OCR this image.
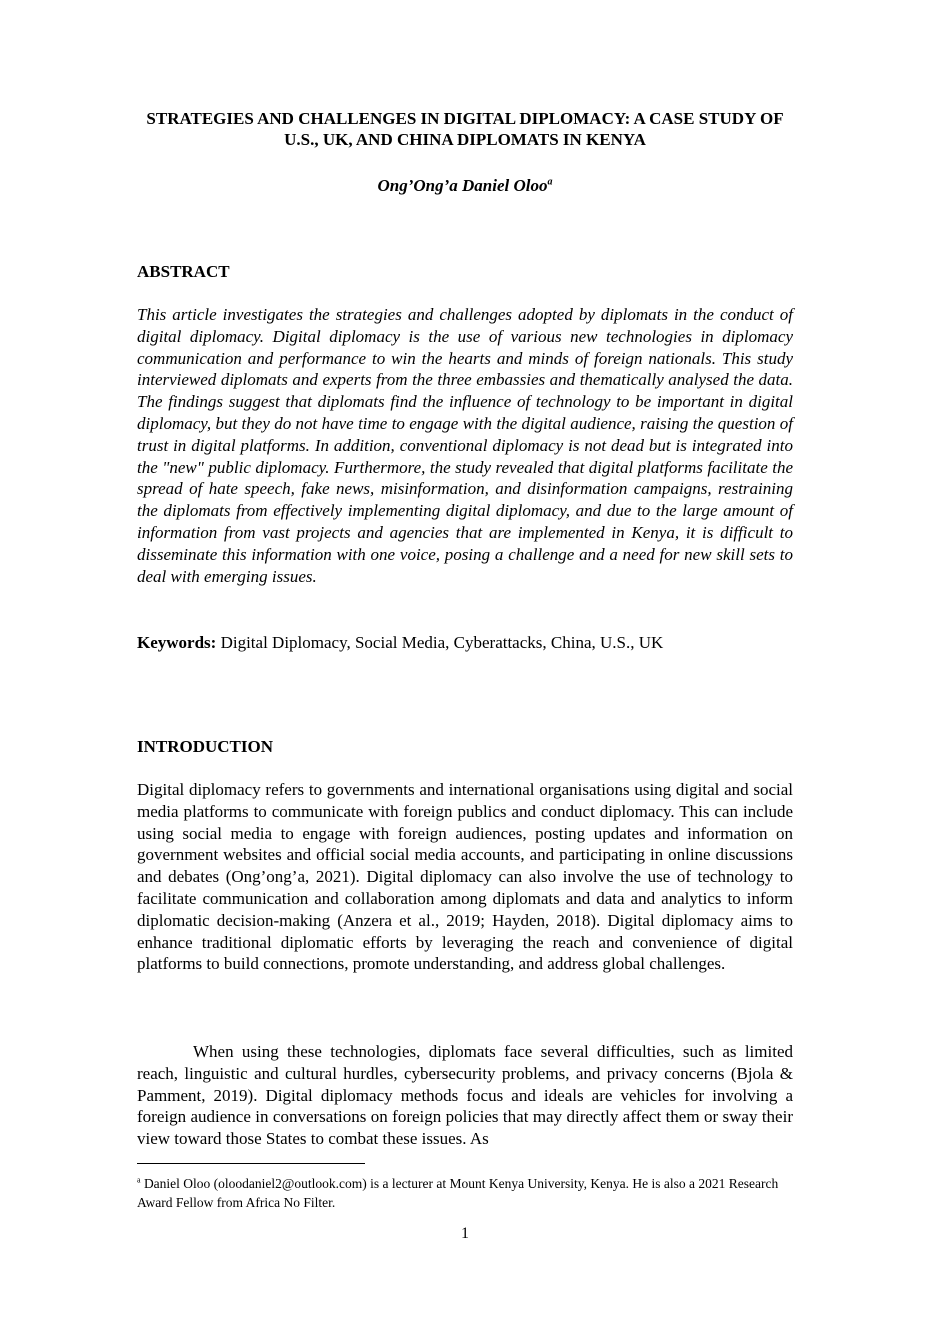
STRATEGIES AND CHALLENGES IN DIGITAL DIPLOMACY: A CASE STUDY OF U.S., UK, AND CHINA DIPLOMATS IN KENYA

Ong’Ong’a Daniel Oloo$^a$

ABSTRACT

This article investigates the strategies and challenges adopted by diplomats in the conduct of digital diplomacy. Digital diplomacy is the use of various new technologies in diplomacy communication and performance to win the hearts and minds of foreign nationals. This study interviewed diplomats and experts from the three embassies and thematically analysed the data. The findings suggest that diplomats find the influence of technology to be important in digital diplomacy, but they do not have time to engage with the digital audience, raising the question of trust in digital platforms. In addition, conventional diplomacy is not dead but is integrated into the "new" public diplomacy. Furthermore, the study revealed that digital platforms facilitate the spread of hate speech, fake news, misinformation, and disinformation campaigns, restraining the diplomats from effectively implementing digital diplomacy, and due to the large amount of information from vast projects and agencies that are implemented in Kenya, it is difficult to disseminate this information with one voice, posing a challenge and a need for new skill sets to deal with emerging issues.

Keywords: Digital Diplomacy, Social Media, Cyberattacks, China, U.S., UK

INTRODUCTION

Digital diplomacy refers to governments and international organisations using digital and social media platforms to communicate with foreign publics and conduct diplomacy. This can include using social media to engage with foreign audiences, posting updates and information on government websites and official social media accounts, and participating in online discussions and debates (Ong’ong’a, 2021). Digital diplomacy can also involve the use of technology to facilitate communication and collaboration among diplomats and data and analytics to inform diplomatic decision-making (Anzera et al., 2019; Hayden, 2018). Digital diplomacy aims to enhance traditional diplomatic efforts by leveraging the reach and convenience of digital platforms to build connections, promote understanding, and address global challenges.

When using these technologies, diplomats face several difficulties, such as limited reach, linguistic and cultural hurdles, cybersecurity problems, and privacy concerns (Bjola & Pamment, 2019). Digital diplomacy methods focus and ideals are vehicles for involving a foreign audience in conversations on foreign policies that may directly affect them or sway their view toward those States to combat these issues. As

$^a$ Daniel Oloo (oloodaniel2@outlook.com) is a lecturer at Mount Kenya University, Kenya. He is also a 2021 Research Award Fellow from Africa No Filter.

1
